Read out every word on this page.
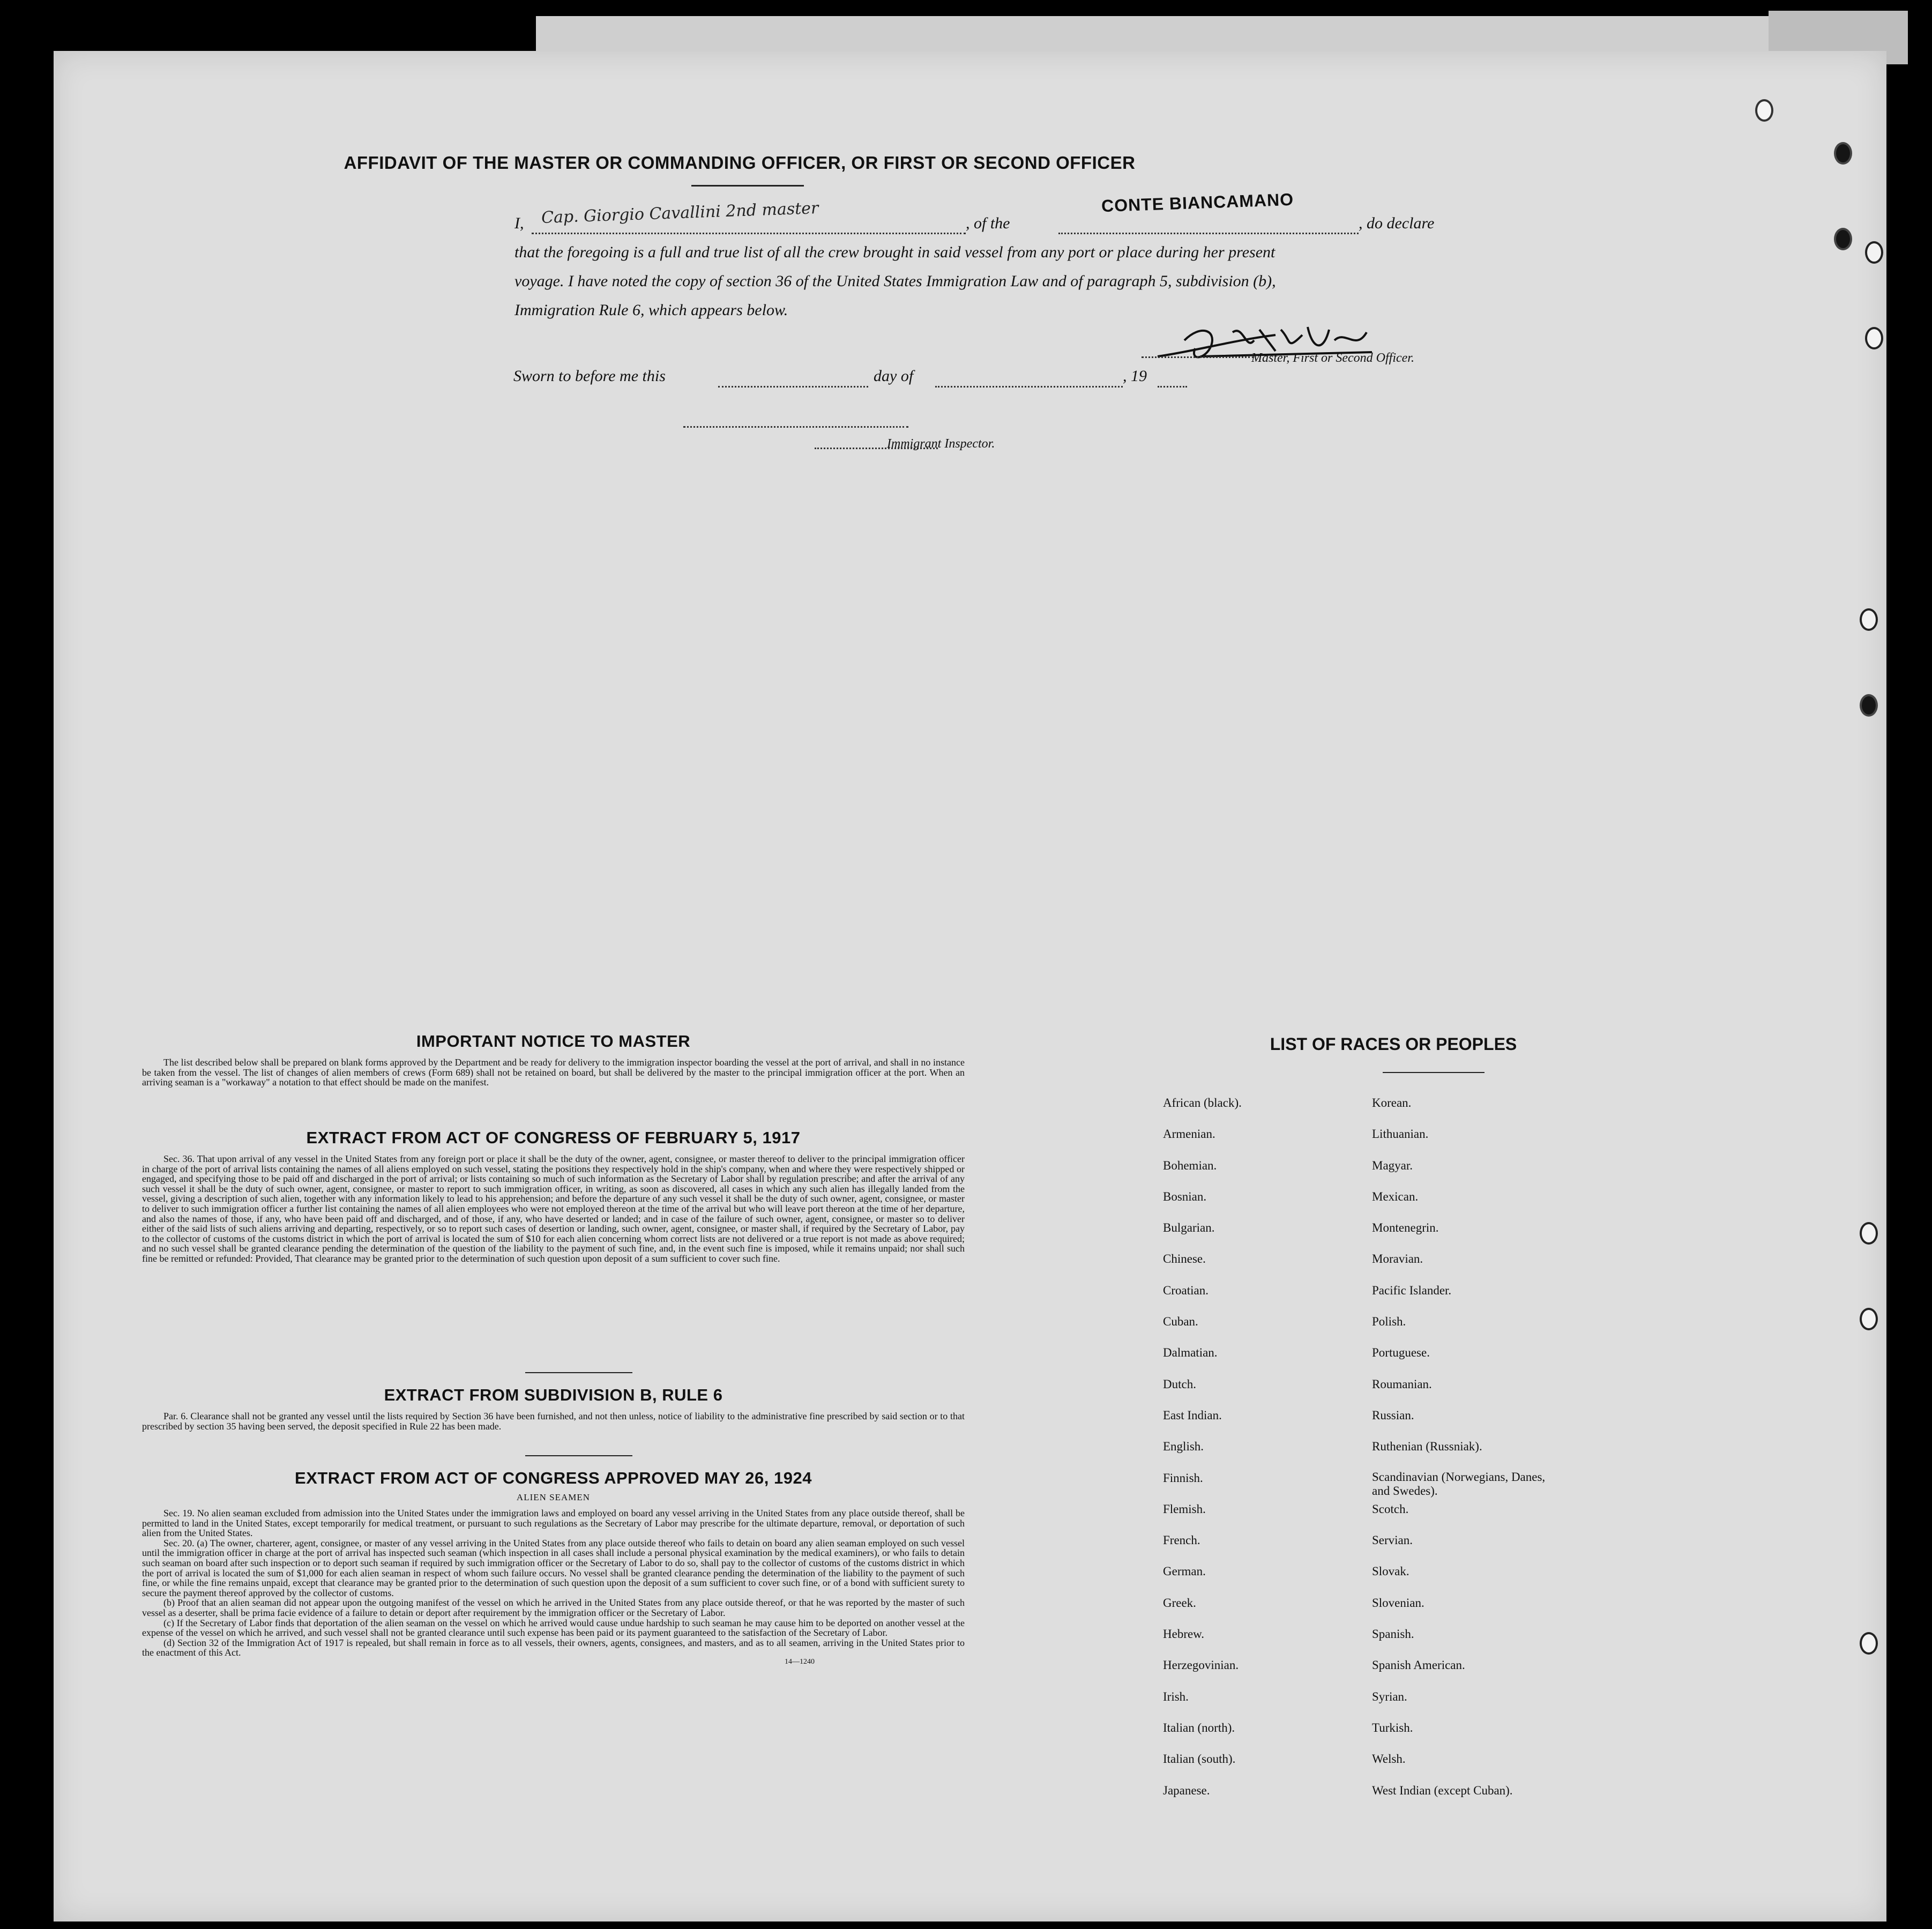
AFFIDAVIT OF THE MASTER OR COMMANDING OFFICER, OR FIRST OR SECOND OFFICER
I,	, of the	, do declare
that the foregoing is a full and true list of all the crew brought in said vessel from any port or place during her present
voyage. I have noted the copy of section 36 of the United States Immigration Law and of paragraph 5, subdivision (b),
Immigration Rule 6, which appears below.
Cap. Giorgio Cavallini 2nd master	CONTE BIANCAMANO
Master, First or Second Officer.
Sworn to before me this	day of	, 19
Immigrant Inspector.
IMPORTANT NOTICE TO MASTER
The list described below shall be prepared on blank forms approved by the Department and be ready for delivery to the immigration inspector boarding the vessel at the port of arrival, and shall in no instance be taken from the vessel. The list of changes of alien members of crews (Form 689) shall not be retained on board, but shall be delivered by the master to the principal immigration officer at the port. When an arriving seaman is a "workaway" a notation to that effect should be made on the manifest.
EXTRACT FROM ACT OF CONGRESS OF FEBRUARY 5, 1917
Sec. 36. That upon arrival of any vessel in the United States from any foreign port or place it shall be the duty of the owner, agent, consignee, or master thereof to deliver to the principal immigration officer in charge of the port of arrival lists containing the names of all aliens employed on such vessel, stating the positions they respectively hold in the ship's company, when and where they were respectively shipped or engaged, and specifying those to be paid off and discharged in the port of arrival; or lists containing so much of such information as the Secretary of Labor shall by regulation prescribe; and after the arrival of any such vessel it shall be the duty of such owner, agent, consignee, or master to report to such immigration officer, in writing, as soon as discovered, all cases in which any such alien has illegally landed from the vessel, giving a description of such alien, together with any information likely to lead to his apprehension; and before the departure of any such vessel it shall be the duty of such owner, agent, consignee, or master to deliver to such immigration officer a further list containing the names of all alien employees who were not employed thereon at the time of the arrival but who will leave port thereon at the time of her departure, and also the names of those, if any, who have been paid off and discharged, and of those, if any, who have deserted or landed; and in case of the failure of such owner, agent, consignee, or master so to deliver either of the said lists of such aliens arriving and departing, respectively, or so to report such cases of desertion or landing, such owner, agent, consignee, or master shall, if required by the Secretary of Labor, pay to the collector of customs of the customs district in which the port of arrival is located the sum of $10 for each alien concerning whom correct lists are not delivered or a true report is not made as above required; and no such vessel shall be granted clearance pending the determination of the question of the liability to the payment of such fine, and, in the event such fine is imposed, while it remains unpaid; nor shall such fine be remitted or refunded: Provided, That clearance may be granted prior to the determination of such question upon deposit of a sum sufficient to cover such fine.
EXTRACT FROM SUBDIVISION B, RULE 6
Par. 6. Clearance shall not be granted any vessel until the lists required by Section 36 have been furnished, and not then unless, notice of liability to the administrative fine prescribed by said section or to that prescribed by section 35 having been served, the deposit specified in Rule 22 has been made.
EXTRACT FROM ACT OF CONGRESS APPROVED MAY 26, 1924
ALIEN SEAMEN
Sec. 19. No alien seaman excluded from admission into the United States under the immigration laws and employed on board any vessel arriving in the United States from any place outside thereof, shall be permitted to land in the United States, except temporarily for medical treatment, or pursuant to such regulations as the Secretary of Labor may prescribe for the ultimate departure, removal, or deportation of such alien from the United States.
Sec. 20. (a) The owner, charterer, agent, consignee, or master of any vessel arriving in the United States from any place outside thereof who fails to detain on board any alien seaman employed on such vessel until the immigration officer in charge at the port of arrival has inspected such seaman (which inspection in all cases shall include a personal physical examination by the medical examiners), or who fails to detain such seaman on board after such inspection or to deport such seaman if required by such immigration officer or the Secretary of Labor to do so, shall pay to the collector of customs of the customs district in which the port of arrival is located the sum of $1,000 for each alien seaman in respect of whom such failure occurs. No vessel shall be granted clearance pending the determination of the liability to the payment of such fine, or while the fine remains unpaid, except that clearance may be granted prior to the determination of such question upon the deposit of a sum sufficient to cover such fine, or of a bond with sufficient surety to secure the payment thereof approved by the collector of customs.
(b) Proof that an alien seaman did not appear upon the outgoing manifest of the vessel on which he arrived in the United States from any place outside thereof, or that he was reported by the master of such vessel as a deserter, shall be prima facie evidence of a failure to detain or deport after requirement by the immigration officer or the Secretary of Labor.
(c) If the Secretary of Labor finds that deportation of the alien seaman on the vessel on which he arrived would cause undue hardship to such seaman he may cause him to be deported on another vessel at the expense of the vessel on which he arrived, and such vessel shall not be granted clearance until such expense has been paid or its payment guaranteed to the satisfaction of the Secretary of Labor.
(d) Section 32 of the Immigration Act of 1917 is repealed, but shall remain in force as to all vessels, their owners, agents, consignees, and masters, and as to all seamen, arriving in the United States prior to the enactment of this Act.
14—1240
LIST OF RACES OR PEOPLES
African (black).	Korean.
Armenian.	Lithuanian.
Bohemian.	Magyar.
Bosnian.	Mexican.
Bulgarian.	Montenegrin.
Chinese.	Moravian.
Croatian.	Pacific Islander.
Cuban.	Polish.
Dalmatian.	Portuguese.
Dutch.	Roumanian.
East Indian.	Russian.
English.	Ruthenian (Russniak).
Finnish.	Scandinavian (Norwegians, Danes, and Swedes).
Flemish.	Scotch.
French.	Servian.
German.	Slovak.
Greek.	Slovenian.
Hebrew.	Spanish.
Herzegovinian.	Spanish American.
Irish.	Syrian.
Italian (north).	Turkish.
Italian (south).	Welsh.
Japanese.	West Indian (except Cuban).
